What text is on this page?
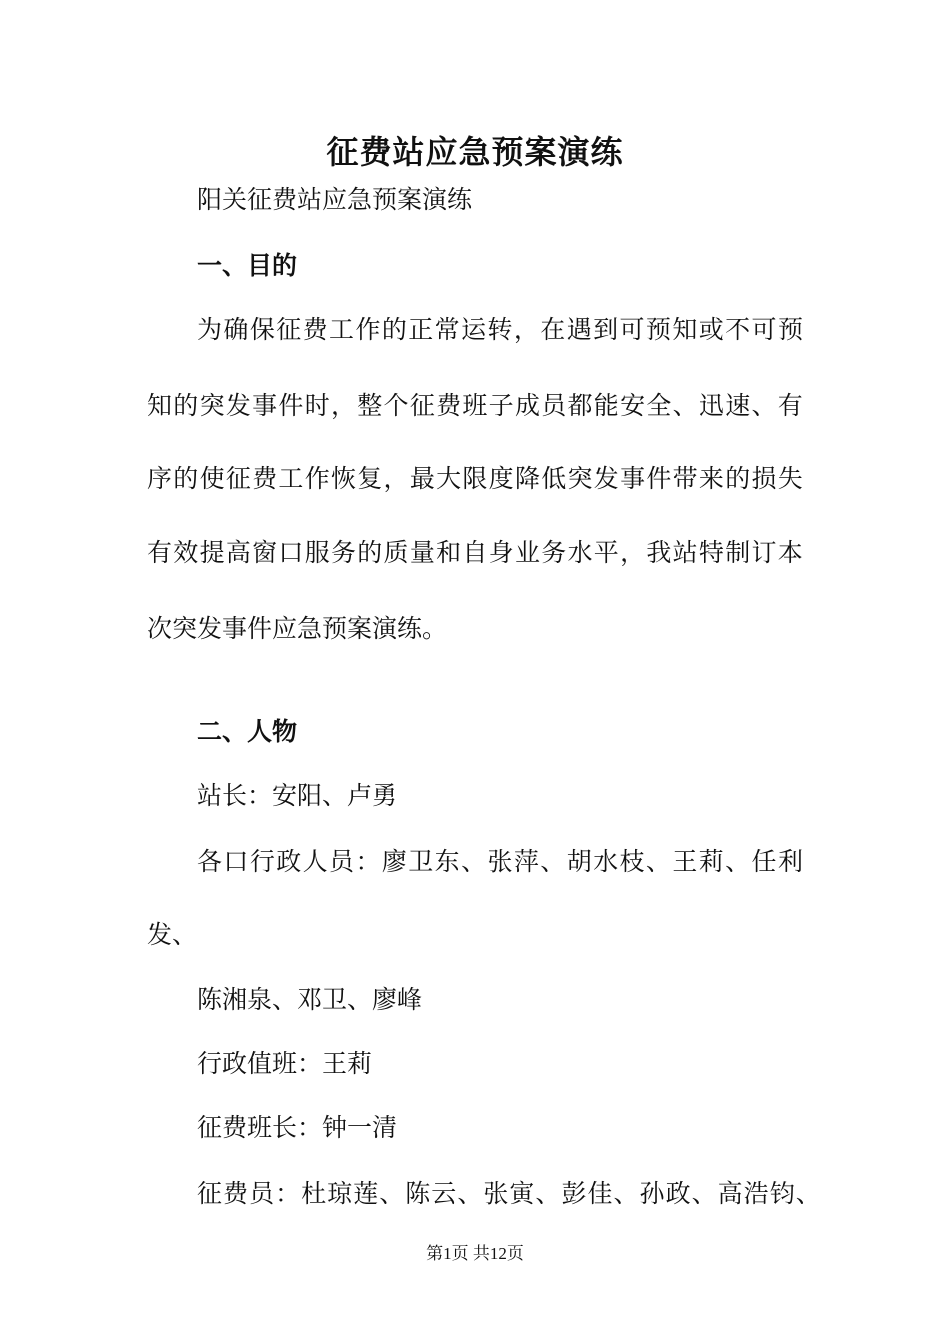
征费站应急预案演练
阳关征费站应急预案演练
一、目的
为 确 保 征 费 工 作 的 正 常 运 转 ， 在 遇 到 可 预 知 或 不 可 预
知 的 突 发 事 件 时 ， 整 个 征 费 班 子 成 员 都 能 安 全 、 迅 速 、 有
序 的 使 征 费 工 作 恢 复 ， 最 大 限 度 降 低 突 发 事 件 带 来 的 损 失
有 效 提 高 窗 口 服 务 的 质 量 和 自 身 业 务 水 平 ， 我 站 特 制 订 本
次突发事件应急预案演练。
二、人物
站长：安阳、卢勇
各 口 行 政 人 员 ： 廖 卫 东 、 张 萍 、 胡 水 枝 、 王 莉 、 任 利
发、
陈湘泉、邓卫、廖峰
行政值班：王莉
征费班长：钟一清
征 费 员 ： 杜 琼 莲 、 陈 云 、 张 寅 、 彭 佳 、 孙 政 、 高 浩 钧 、
第1页 共12页
